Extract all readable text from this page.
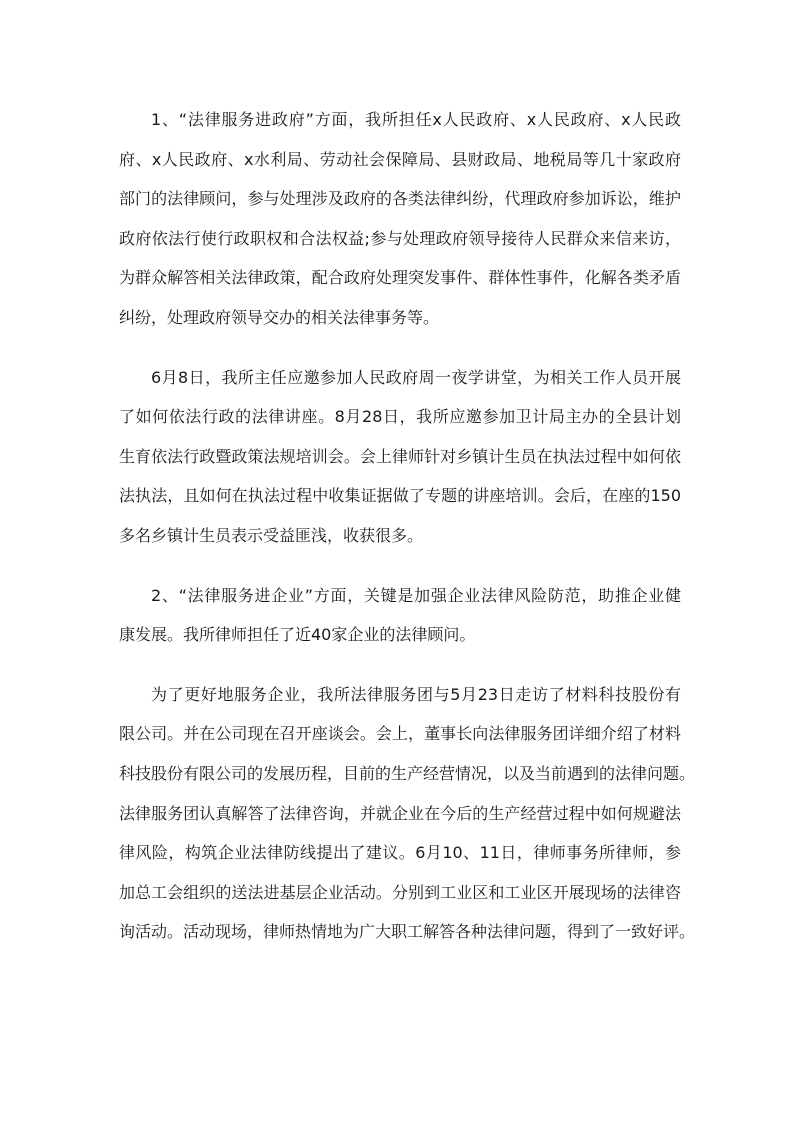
1、“法律服务进政府”方面，我所担任x人民政府、x人民政府、x人民政
府、x人民政府、x水利局、劳动社会保障局、县财政局、地税局等几十家政府
部门的法律顾问，参与处理涉及政府的各类法律纠纷，代理政府参加诉讼，维护
政府依法行使行政职权和合法权益;参与处理政府领导接待人民群众来信来访，
为群众解答相关法律政策，配合政府处理突发事件、群体性事件，化解各类矛盾
纠纷，处理政府领导交办的相关法律事务等。

6月8日，我所主任应邀参加人民政府周一夜学讲堂，为相关工作人员开展
了如何依法行政的法律讲座。8月28日，我所应邀参加卫计局主办的全县计划
生育依法行政暨政策法规培训会。会上律师针对乡镇计生员在执法过程中如何依
法执法，且如何在执法过程中收集证据做了专题的讲座培训。会后，在座的150
多名乡镇计生员表示受益匪浅，收获很多。

2、“法律服务进企业”方面，关键是加强企业法律风险防范，助推企业健
康发展。我所律师担任了近40家企业的法律顾问。

为了更好地服务企业，我所法律服务团与5月23日走访了材料科技股份有
限公司。并在公司现在召开座谈会。会上，董事长向法律服务团详细介绍了材料
科技股份有限公司的发展历程，目前的生产经营情况，以及当前遇到的法律问题。
法律服务团认真解答了法律咨询，并就企业在今后的生产经营过程中如何规避法
律风险，构筑企业法律防线提出了建议。6月10、11日，律师事务所律师，参
加总工会组织的送法进基层企业活动。分别到工业区和工业区开展现场的法律咨
询活动。活动现场，律师热情地为广大职工解答各种法律问题，得到了一致好评。
